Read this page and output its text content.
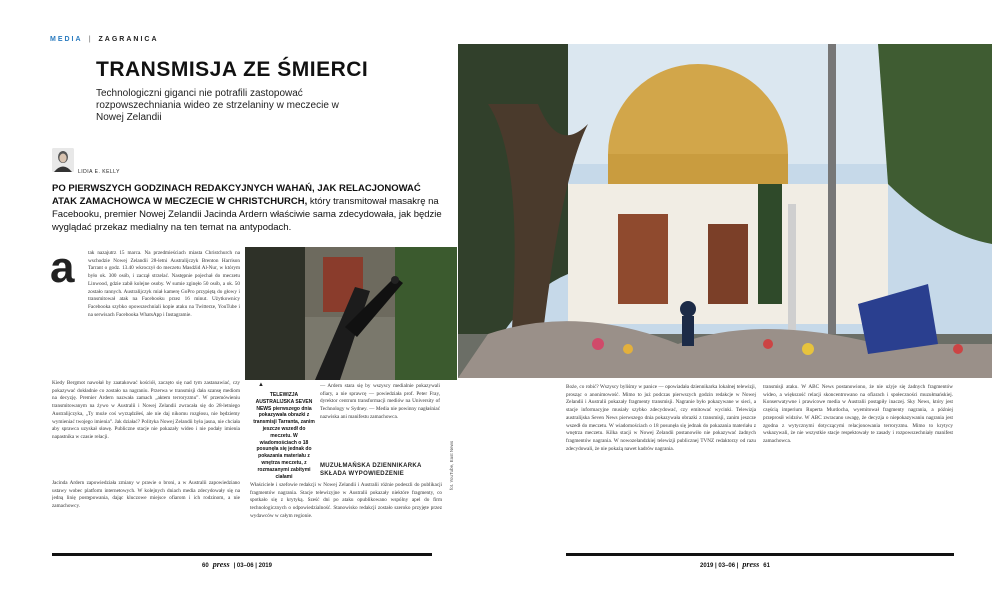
MEDIA | ZAGRANICA
TRANSMISJA ZE ŚMIERCI
Technologiczni giganci nie potrafili zastopować rozpowszechniania wideo ze strzelaniny w meczecie w Nowej Zelandii
LIDIA E. KELLY
PO PIERWSZYCH GODZINACH REDAKCYJNYCH WAHAŃ, JAK RELACJONOWAĆ ATAK ZAMACHOWCA W MECZECIE W CHRISTCHURCH, który transmitował masakrę na Facebooku, premier Nowej Zelandii Jacinda Ardern właściwie sama zdecydowała, jak będzie wyglądać przekaz medialny na ten temat na antypodach.
a	tak nazajutrz 15 marca. Na przedmieściach miasta Christchurch na wschodzie Nowej Zelandii 28-letni Australijczyk Brenton Harrison Tarrant o godz. 13.40 wkroczył do meczetu Masdżid Al-Nur, w którym było ok. 300 osób, i zaczął strzelać. Następnie pojechał do meczetu Linwood, gdzie zabił kolejne osoby. W sumie zginęło 50 osób, a ok. 50 zostało rannych. Australijczyk miał kamerę GoPro przypiętą do głowy i transmitował atak na Facebooku przez 16 minut. Użytkownicy Facebooka szybko opowszechniali kopie ataku na Twitterze, YouTube i na serwisach Facebooka WhatsApp i Instagramie.
Kiedy Bergmot nawołał by zaatakować kościół, zaczęto się nad tym zastanawiać, czy pokazywać dokładnie co zostało na nagraniu. Przerwa w transmisji dała szansę mediom na decyzję. Premier Ardern nazwała zamach „aktem terroryzmu”. W przemówieniu transmitowanym na żywo w Australii i Nowej Zelandii zwracała się do 28-letniego Australijczyka, „Ty może coś wyrządziłeś, ale nie daj nikomu rozgłosu, nie będziemy wymieniać twojego imienia”. Jak działać? Polityka Nowej Zelandii była jasna, nie chciała aby sprawca uzyskał sławę. Publiczne stacje nie pokazały wideo i nie podały imienia napastnika w czasie relacji.
Jacinda Ardern zapowiedziała zmiany w prawie o broni, a w Australii zapowiedziano ustawy wobec platform internetowych. W kolejnych dniach media zdecydowały się na jedną linię postępowania, dając kluczowe miejsce ofiarom i ich rodzinom, a nie zamachowcy.
▲
TELEWIZJA AUSTRALIJSKA SEVEN NEWS pierwszego dnia pokazywała obrazki z transmisji Tarranta, zanim jeszcze wszedł do meczetu. W wiadomościach o 18 posunęła się jednak do pokazania materiału z wnętrza meczetu, z rozmazanymi zabitymi ciałami
— Ardern stara się by wszyscy medialnie pokazywali ofiary, a nie sprawcę — powiedziała prof. Peter Fray, dyrektor centrum transformacji mediów na University of Technology w Sydney. — Media nie powinny nagłaśniać nazwiska ani manifestu zamachowca.
MUZUŁMAŃSKA DZIENNIKARKA SKŁADA WYPOWIEDZENIE
Właściciele i szefowie redakcji w Nowej Zelandii i Australii różnie podeszli do publikacji fragmentów nagrania. Stacje telewizyjne w Australii pokazały niektóre fragmenty, co spotkało się z krytyką. Sześć dni po ataku opublikowano wspólny apel do firm technologicznych o odpowiedzialność. Stanowisko redakcji zostało szeroko przyjęte przez wydawców w całym regionie.
fot. YouTube, East News
Boże, co robić? Wszyscy byliśmy w panice — opowiadała dziennikarka lokalnej telewizji, prosząc o anonimowość. Mimo to już podczas pierwszych godzin redakcje w Nowej Zelandii i Australii pokazały fragmenty transmisji. Nagranie było pokazywane w sieci, a stacje informacyjne musiały szybko zdecydować, czy emitować wycinki. Telewizja australijska Seven News pierwszego dnia pokazywała obrazki z transmisji, zanim jeszcze wszedł do meczetu. W wiadomościach o 18 posunęła się jednak do pokazania materiału z wnętrza meczetu. Kilka stacji w Nowej Zelandii postanowiło nie pokazywać żadnych fragmentów nagrania. W nowozelandzkiej telewizji publicznej TVNZ redaktorzy od razu zdecydowali, że nie pokażą nawet kadrów nagrania.
transmisji ataku. W ABC News postanowiono, że nie użyje się żadnych fragmentów wideo, a większość relacji skoncentrowano na ofiarach i społeczności muzułmańskiej. Konserwatywne i prawicowe media w Australii postąpiły inaczej. Sky News, który jest częścią imperium Ruperta Murdocha, wyemitował fragmenty nagrania, a później przeprosił widzów. W ABC zwracano uwagę, że decyzja o niepokazywaniu nagrania jest zgodna z wytycznymi dotyczącymi relacjonowania terroryzmu. Mimo to krytycy wskazywali, że nie wszystkie stacje respektowały te zasady i rozpowszechniały manifest zamachowca.
60 press | 03–06 | 2019	2019 | 03–06 | press 61
